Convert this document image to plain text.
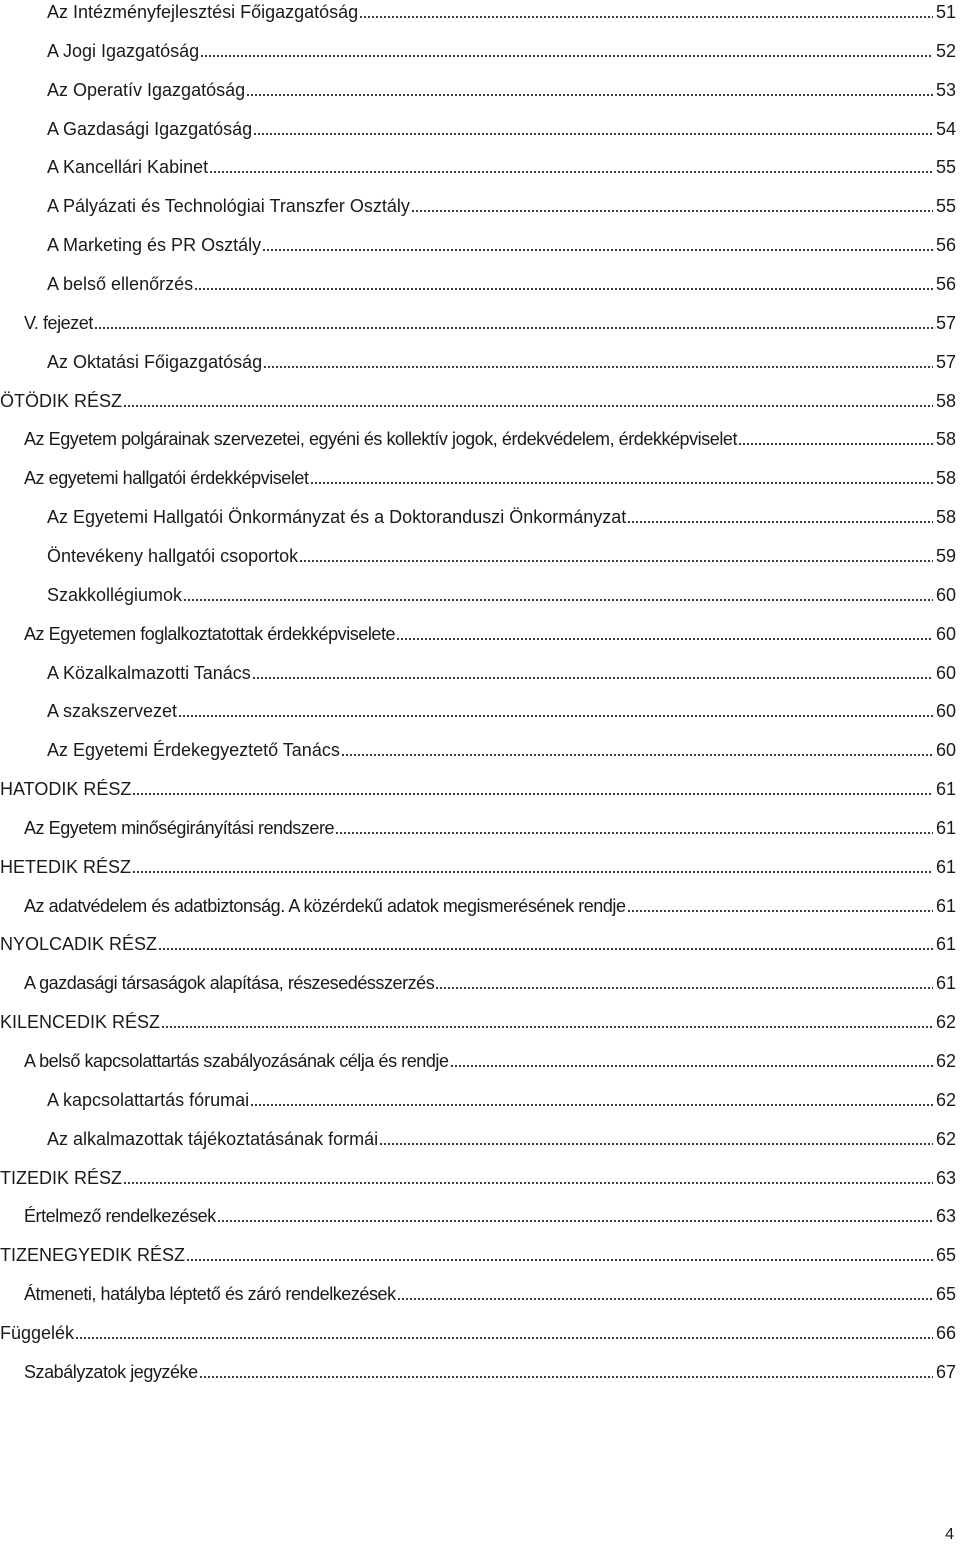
Az Intézményfejlesztési Főigazgatóság	51
A Jogi Igazgatóság	52
Az Operatív Igazgatóság	53
A Gazdasági Igazgatóság	54
A Kancellári Kabinet	55
A Pályázati és Technológiai Transzfer Osztály	55
A Marketing és PR Osztály	56
A belső ellenőrzés	56
V. fejezet	57
Az Oktatási Főigazgatóság	57
ÖTÖDIK RÉSZ	58
Az Egyetem polgárainak szervezetei, egyéni és kollektív jogok, érdekvédelem, érdekképviselet	58
Az egyetemi hallgatói érdekképviselet	58
Az Egyetemi Hallgatói Önkormányzat és a Doktoranduszi Önkormányzat	58
Öntevékeny hallgatói csoportok	59
Szakkollégiumok	60
Az Egyetemen foglalkoztatottak érdekképviselete	60
A Közalkalmazotti Tanács	60
A szakszervezet	60
Az Egyetemi Érdekegyeztető Tanács	60
HATODIK RÉSZ	61
Az Egyetem minőségirányítási rendszere	61
HETEDIK RÉSZ	61
Az adatvédelem és adatbiztonság. A közérdekű adatok megismerésének rendje	61
NYOLCADIK RÉSZ	61
A gazdasági társaságok alapítása, részesedésszerzés	61
KILENCEDIK RÉSZ	62
A belső kapcsolattartás szabályozásának célja és rendje	62
A kapcsolattartás fórumai	62
Az alkalmazottak tájékoztatásának formái	62
TIZEDIK RÉSZ	63
Értelmező rendelkezések	63
TIZENEGYEDIK RÉSZ	65
Átmeneti, hatályba léptető és záró rendelkezések	65
Függelék	66
Szabályzatok jegyzéke	67
4
